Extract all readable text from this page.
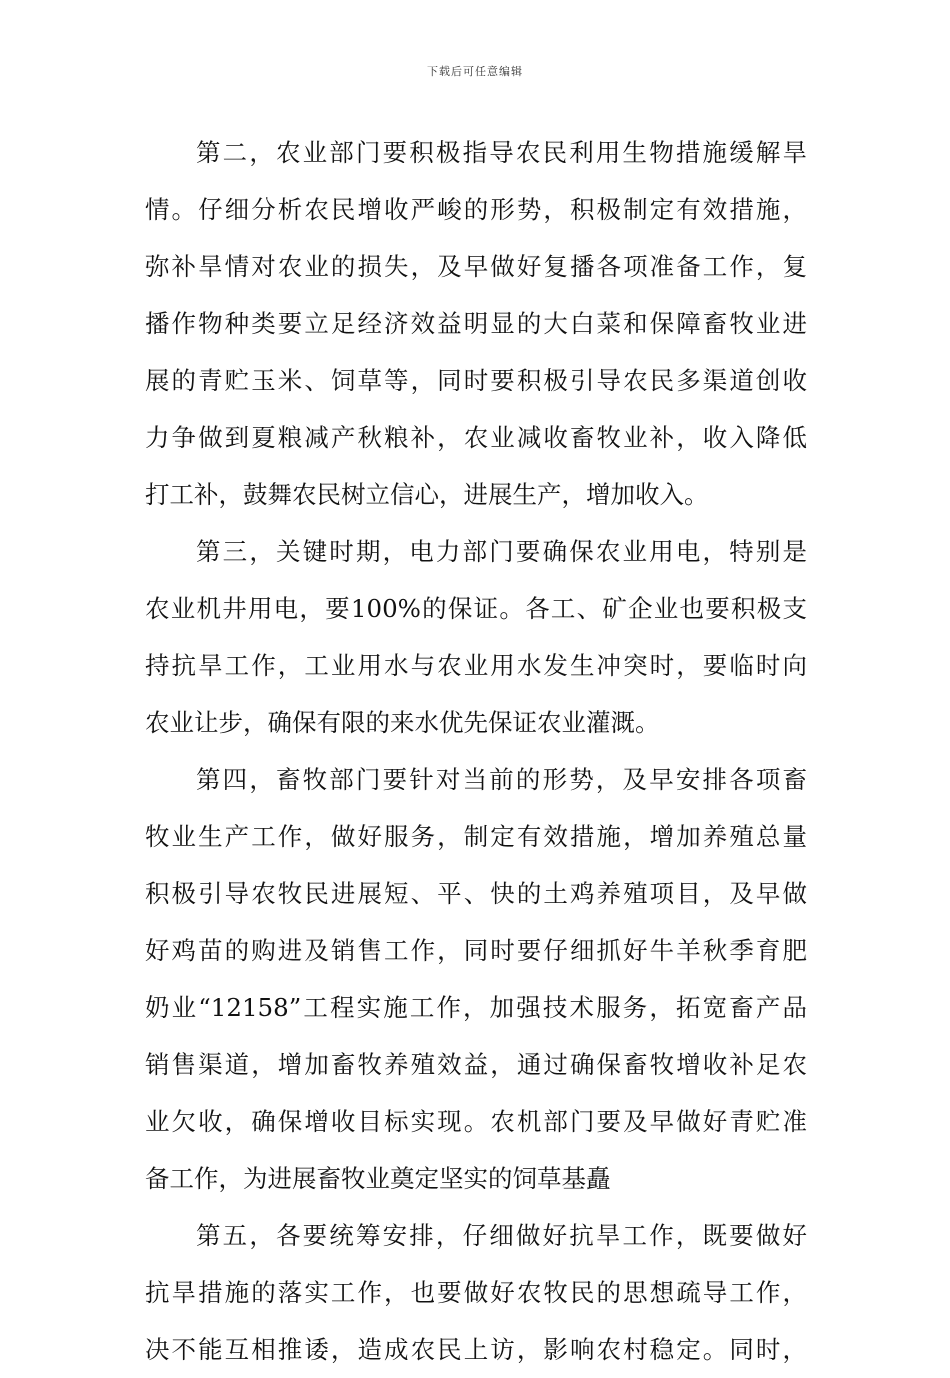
下载后可任意编辑
第二，农业部门要积极指导农民利用生物措施缓解旱
情。仔细分析农民增收严峻的形势，积极制定有效措施，
弥补旱情对农业的损失，及早做好复播各项准备工作，复
播作物种类要立足经济效益明显的大白菜和保障畜牧业进
展的青贮玉米、饲草等，同时要积极引导农民多渠道创收
力争做到夏粮减产秋粮补，农业减收畜牧业补，收入降低
打工补，鼓舞农民树立信心，进展生产，增加收入。
第三，关键时期，电力部门要确保农业用电，特别是
农业机井用电，要100%的保证。各工、矿企业也要积极支
持抗旱工作，工业用水与农业用水发生冲突时，要临时向
农业让步，确保有限的来水优先保证农业灌溉。
第四，畜牧部门要针对当前的形势，及早安排各项畜
牧业生产工作，做好服务，制定有效措施，增加养殖总量
积极引导农牧民进展短、平、快的土鸡养殖项目，及早做
好鸡苗的购进及销售工作，同时要仔细抓好牛羊秋季育肥
奶业“12158”工程实施工作，加强技术服务，拓宽畜产品
销售渠道，增加畜牧养殖效益，通过确保畜牧增收补足农
业欠收，确保增收目标实现。农机部门要及早做好青贮准
备工作，为进展畜牧业奠定坚实的饲草基矗
第五，各要统筹安排，仔细做好抗旱工作，既要做好
抗旱措施的落实工作，也要做好农牧民的思想疏导工作，
决不能互相推诿，造成农民上访，影响农村稳定。同时，
